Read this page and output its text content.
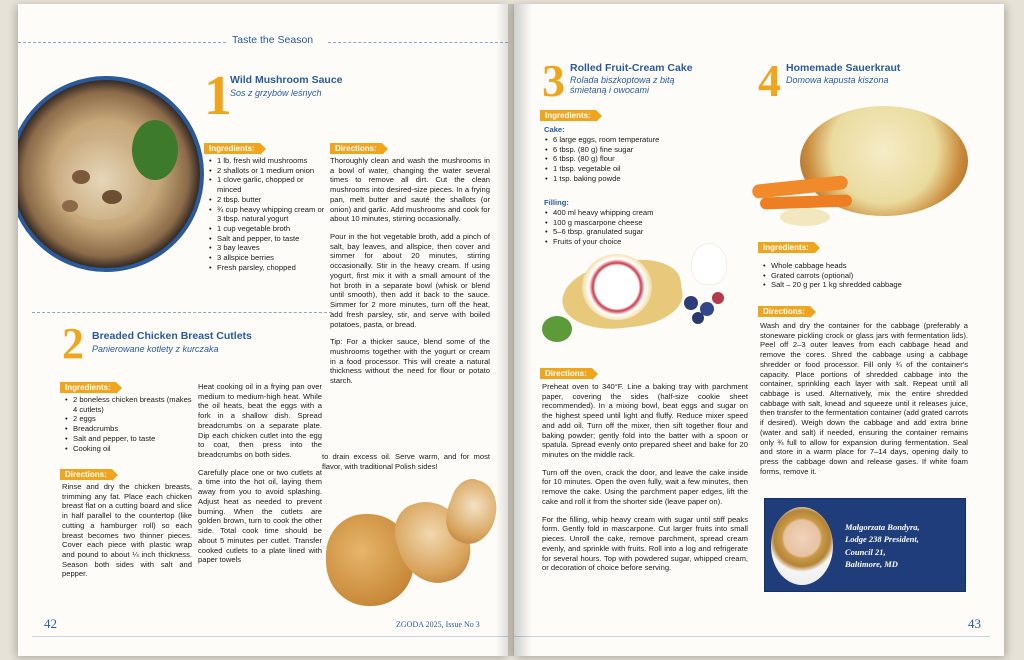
Taste the Season
1
Wild Mushroom Sauce
Sos z grzybów leśnych
Ingredients:
• 1 lb. fresh wild mushrooms
• 2 shallots or 1 medium onion
• 1 clove garlic, chopped or minced
• 2 tbsp. butter
• ¾ cup heavy whipping cream or 3 tbsp. natural yogurt
• 1 cup vegetable broth
• Salt and pepper, to taste
• 3 bay leaves
• 3 allspice berries
• Fresh parsley, chopped
Directions:

Thoroughly clean and wash the mushrooms in a bowl of water, changing the water several times to remove all dirt. Cut the clean mushrooms into desired-size pieces. In a frying pan, melt butter and sauté the shallots (or onion) and garlic. Add mushrooms and cook for about 10 minutes, stirring occasionally.

Pour in the hot vegetable broth, add a pinch of salt, bay leaves, and allspice, then cover and simmer for about 20 minutes, stirring occasionally. Stir in the heavy cream. If using yogurt, first mix it with a small amount of the hot broth in a separate bowl (whisk or blend until smooth), then add it back to the sauce. Simmer for 2 more minutes, turn off the heat, add fresh parsley, stir, and serve with boiled potatoes, pasta, or bread.

Tip: For a thicker sauce, blend some of the mushrooms together with the yogurt or cream in a food processor. This will create a natural thickness without the need for flour or potato starch.

2 Breaded Chicken Breast Cutlets
Panierowane kotlety z kurczaka
Ingredients:
• 2 boneless chicken breasts (makes 4 cutlets)
• 2 eggs
• Breadcrumbs
• Salt and pepper, to taste
• Cooking oil
Directions:
Rinse and dry the chicken breasts, trimming any fat. Place each chicken breast flat on a cutting board and slice in half parallel to the countertop (like cutting a hamburger roll) so each breast becomes two thinner pieces. Cover each piece with plastic wrap and pound to about ¼ inch thickness. Season both sides with salt and pepper.

Heat cooking oil in a frying pan over medium to medium-high heat. While the oil heats, beat the eggs with a fork in a shallow dish. Spread breadcrumbs on a separate plate. Dip each chicken cutlet into the egg to coat, then press into the breadcrumbs on both sides.

Carefully place one or two cutlets at a time into the hot oil, laying them away from you to avoid splashing. Adjust heat as needed to prevent burning. When the cutlets are golden brown, turn to cook the other side. Total cook time should be about 5 minutes per cutlet. Transfer cooked cutlets to a plate lined with paper towels

to drain excess oil. Serve warm, and for most flavor, with traditional Polish sides!
42	ZGODA 2025, Issue No 3
3 Rolled Fruit-Cream Cake
Rolada biszkoptowa z bitą śmietaną i owocami
Ingredients:
Cake:
• 6 large eggs, room temperature
• 6 tbsp. (80 g) fine sugar
• 6 tbsp. (80 g) flour
• 1 tbsp. vegetable oil
• 1 tsp. baking powde
Filling:
• 400 ml heavy whipping cream
• 100 g mascarpone cheese
• 5–6 tbsp. granulated sugar
• Fruits of your choice
Directions:

Preheat oven to 340°F. Line a baking tray with parchment paper, covering the sides (half-size cookie sheet recommended). In a mixing bowl, beat eggs and sugar on the highest speed until light and fluffy. Reduce mixer speed and add oil. Turn off the mixer, then sift together flour and baking powder; gently fold into the batter with a spoon or spatula. Spread evenly onto prepared sheet and bake for 20 minutes on the middle rack.

Turn off the oven, crack the door, and leave the cake inside for 10 minutes. Open the oven fully, wait a few minutes, then remove the cake. Using the parchment paper edges, lift the cake and roll it from the shorter side (leave paper on).

For the filling, whip heavy cream with sugar until stiff peaks form. Gently fold in mascarpone. Cut larger fruits into small pieces. Unroll the cake, remove parchment, spread cream evenly, and sprinkle with fruits. Roll into a log and refrigerate for several hours. Top with powdered sugar, whipped cream, or decoration of choice before serving.

4 Homemade Sauerkraut
Domowa kapusta kiszona
Ingredients:
• Whole cabbage heads
• Grated carrots (optional)
• Salt – 20 g per 1 kg shredded cabbage
Directions:
Wash and dry the container for the cabbage (preferably a stoneware pickling crock or glass jars with fermentation lids). Peel off 2–3 outer leaves from each cabbage head and remove the cores. Shred the cabbage using a cabbage shredder or food processor. Fill only ¾ of the container's capacity. Place portions of shredded cabbage into the container, sprinkling each layer with salt. Repeat until all cabbage is used. Alternatively, mix the entire shredded cabbage with salt, knead and squeeze until it releases juice, then transfer to the fermentation container (add grated carrots if desired). Weigh down the cabbage and add extra brine (water and salt) if needed, ensuring the container remains only ¾ full to allow for expansion during fermentation. Seal and store in a warm place for 7–14 days, opening daily to press the cabbage down and release gases. If white foam forms, remove it.
Małgorzata Bondyra,
Lodge 238 President,
Council 21,
Baltimore, MD
43
